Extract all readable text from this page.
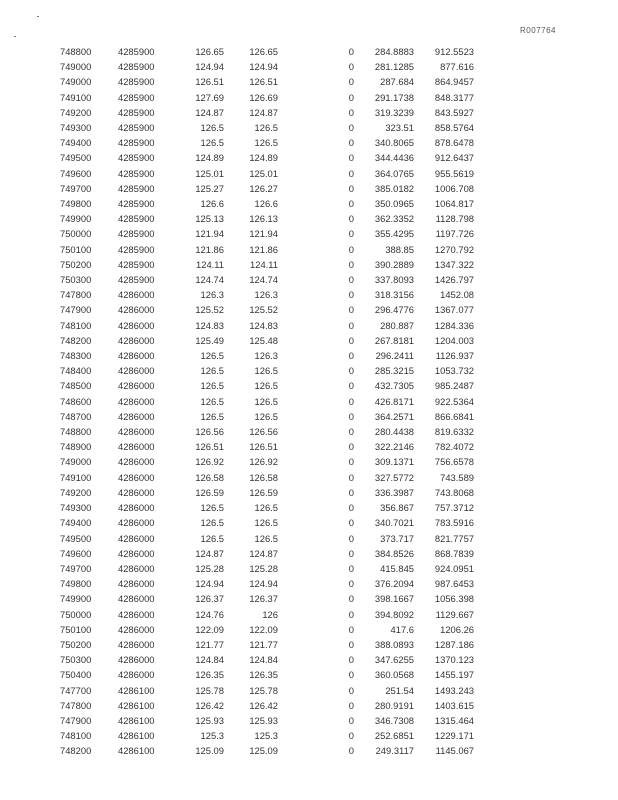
R007764
748800	4285900	126.65	126.65	0	284.8883	912.5523
749000	4285900	124.94	124.94	0	281.1285	877.616
749000	4285900	126.51	126.51	0	287.684	864.9457
749100	4285900	127.69	126.69	0	291.1738	848.3177
749200	4285900	124.87	124.87	0	319.3239	843.5927
749300	4285900	126.5	126.5	0	323.51	858.5764
749400	4285900	126.5	126.5	0	340.8065	878.6478
749500	4285900	124.89	124.89	0	344.4436	912.6437
749600	4285900	125.01	125.01	0	364.0765	955.5619
749700	4285900	125.27	126.27	0	385.0182	1006.708
749800	4285900	126.6	126.6	0	350.0965	1064.817
749900	4285900	125.13	126.13	0	362.3352	1128.798
750000	4285900	121.94	121.94	0	355.4295	1197.726
750100	4285900	121.86	121.86	0	388.85	1270.792
750200	4285900	124.11	124.11	0	390.2889	1347.322
750300	4285900	124.74	124.74	0	337.8093	1426.797
747800	4286000	126.3	126.3	0	318.3156	1452.08
747900	4286000	125.52	125.52	0	296.4776	1367.077
748100	4286000	124.83	124.83	0	280.887	1284.336
748200	4286000	125.49	125.48	0	267.8181	1204.003
748300	4286000	126.5	126.3	0	296.2411	1126.937
748400	4286000	126.5	126.5	0	285.3215	1053.732
748500	4286000	126.5	126.5	0	432.7305	985.2487
748600	4286000	126.5	126.5	0	426.8171	922.5364
748700	4286000	126.5	126.5	0	364.2571	866.6841
748800	4286000	126.56	126.56	0	280.4438	819.6332
748900	4286000	126.51	126.51	0	322.2146	782.4072
749000	4286000	126.92	126.92	0	309.1371	756.6578
749100	4286000	126.58	126.58	0	327.5772	743.589
749200	4286000	126.59	126.59	0	336.3987	743.8068
749300	4286000	126.5	126.5	0	356.867	757.3712
749400	4286000	126.5	126.5	0	340.7021	783.5916
749500	4286000	126.5	126.5	0	373.717	821.7757
749600	4286000	124.87	124.87	0	384.8526	868.7839
749700	4286000	125.28	125.28	0	415.845	924.0951
749800	4286000	124.94	124.94	0	376.2094	987.6453
749900	4286000	126.37	126.37	0	398.1667	1056.398
750000	4286000	124.76	126	0	394.8092	1129.667
750100	4286000	122.09	122.09	0	417.6	1206.26
750200	4286000	121.77	121.77	0	388.0893	1287.186
750300	4286000	124.84	124.84	0	347.6255	1370.123
750400	4286000	126.35	126.35	0	360.0568	1455.197
747700	4286100	125.78	125.78	0	251.54	1493.243
747800	4286100	126.42	126.42	0	280.9191	1403.615
747900	4286100	125.93	125.93	0	346.7308	1315.464
748100	4286100	125.3	125.3	0	252.6851	1229.171
748200	4286100	125.09	125.09	0	249.3117	1145.067
